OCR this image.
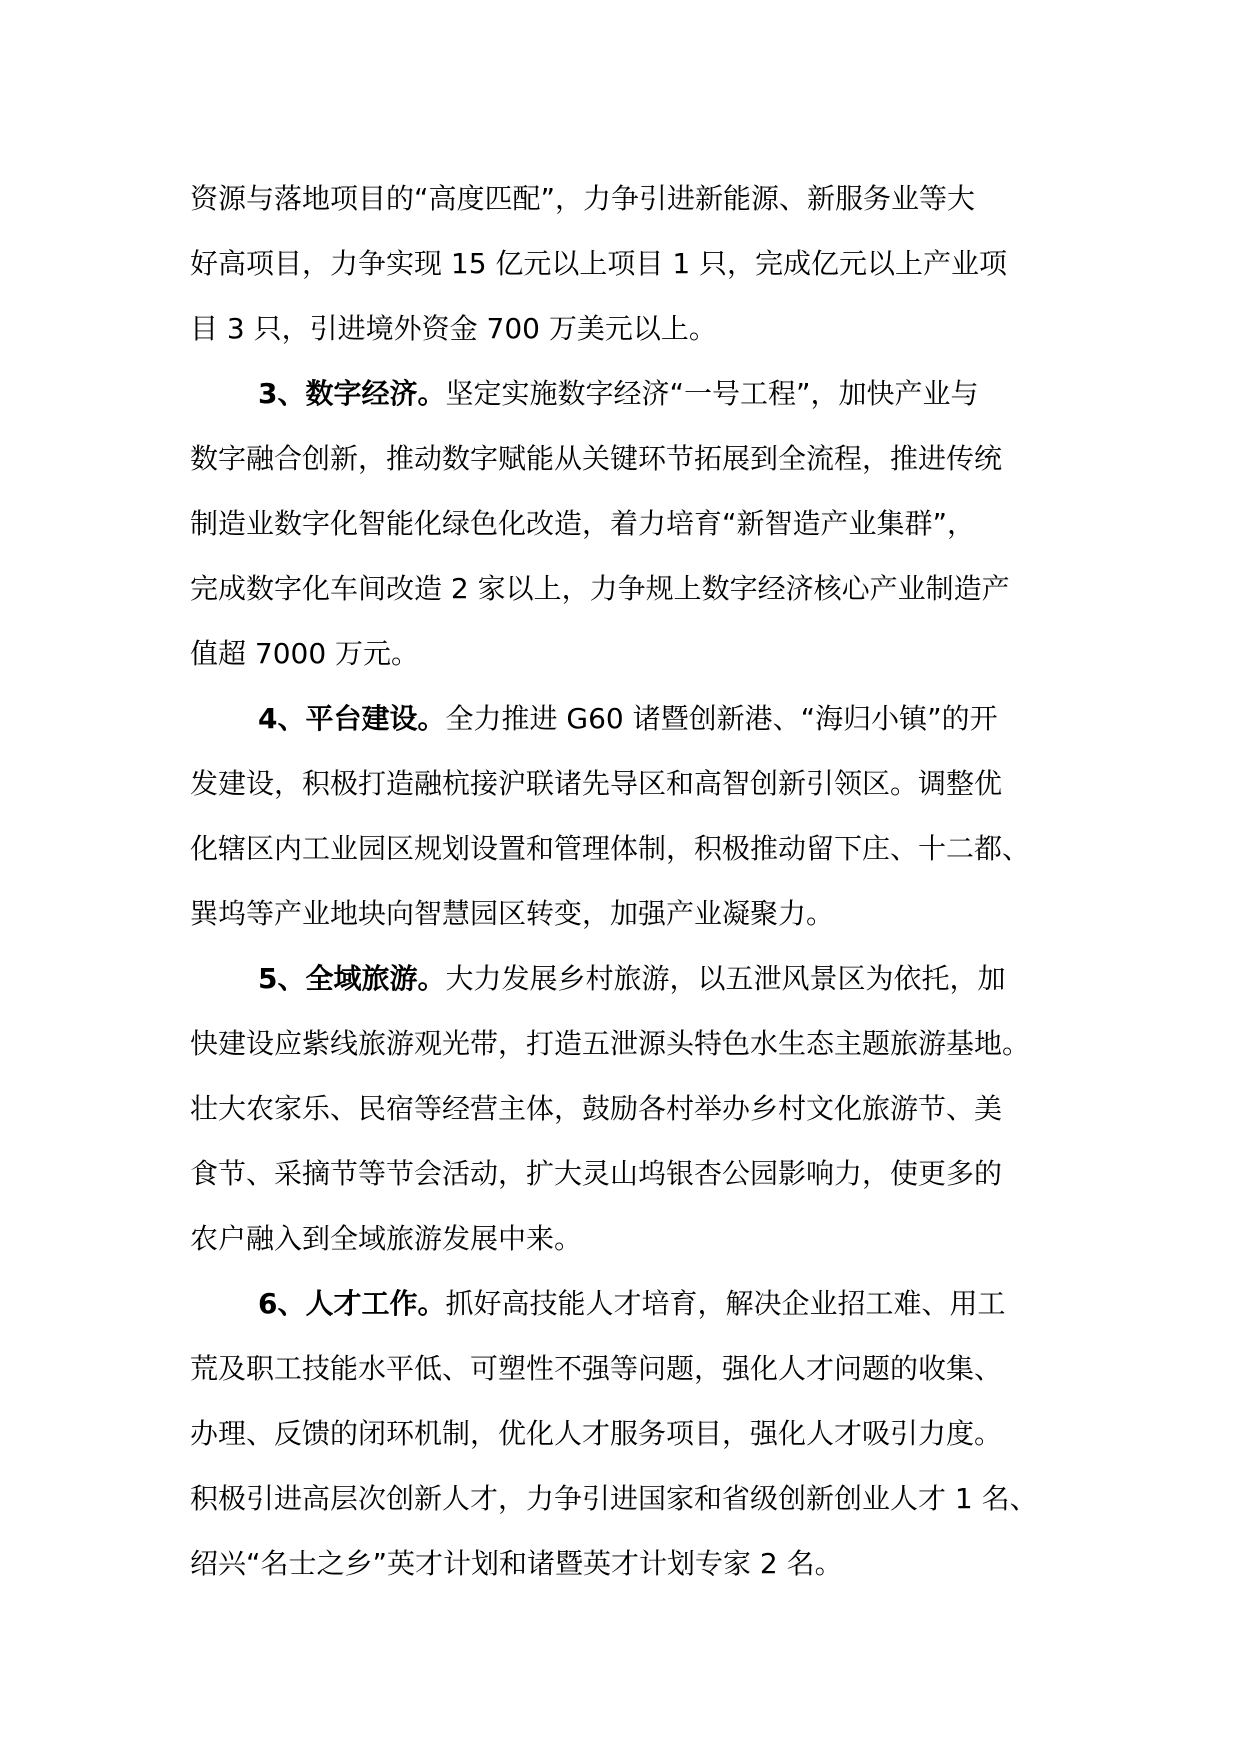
资源与落地项目的“高度匹配”，力争引进新能源、新服务业等大
好高项目，力争实现 15 亿元以上项目 1 只，完成亿元以上产业项
目 3 只，引进境外资金 700 万美元以上。
3、数字经济。坚定实施数字经济“一号工程”，加快产业与
数字融合创新，推动数字赋能从关键环节拓展到全流程，推进传统
制造业数字化智能化绿色化改造，着力培育“新智造产业集群”，
完成数字化车间改造 2 家以上，力争规上数字经济核心产业制造产
值超 7000 万元。
4、平台建设。全力推进 G60 诸暨创新港、“海归小镇”的开
发建设，积极打造融杭接沪联诸先导区和高智创新引领区。调整优
化辖区内工业园区规划设置和管理体制，积极推动留下庄、十二都、
巽坞等产业地块向智慧园区转变，加强产业凝聚力。
5、全域旅游。大力发展乡村旅游，以五泄风景区为依托，加
快建设应紫线旅游观光带，打造五泄源头特色水生态主题旅游基地。
壮大农家乐、民宿等经营主体，鼓励各村举办乡村文化旅游节、美
食节、采摘节等节会活动，扩大灵山坞银杏公园影响力，使更多的
农户融入到全域旅游发展中来。
6、人才工作。抓好高技能人才培育，解决企业招工难、用工
荒及职工技能水平低、可塑性不强等问题，强化人才问题的收集、
办理、反馈的闭环机制，优化人才服务项目，强化人才吸引力度。
积极引进高层次创新人才，力争引进国家和省级创新创业人才 1 名、
绍兴“名士之乡”英才计划和诸暨英才计划专家 2 名。
